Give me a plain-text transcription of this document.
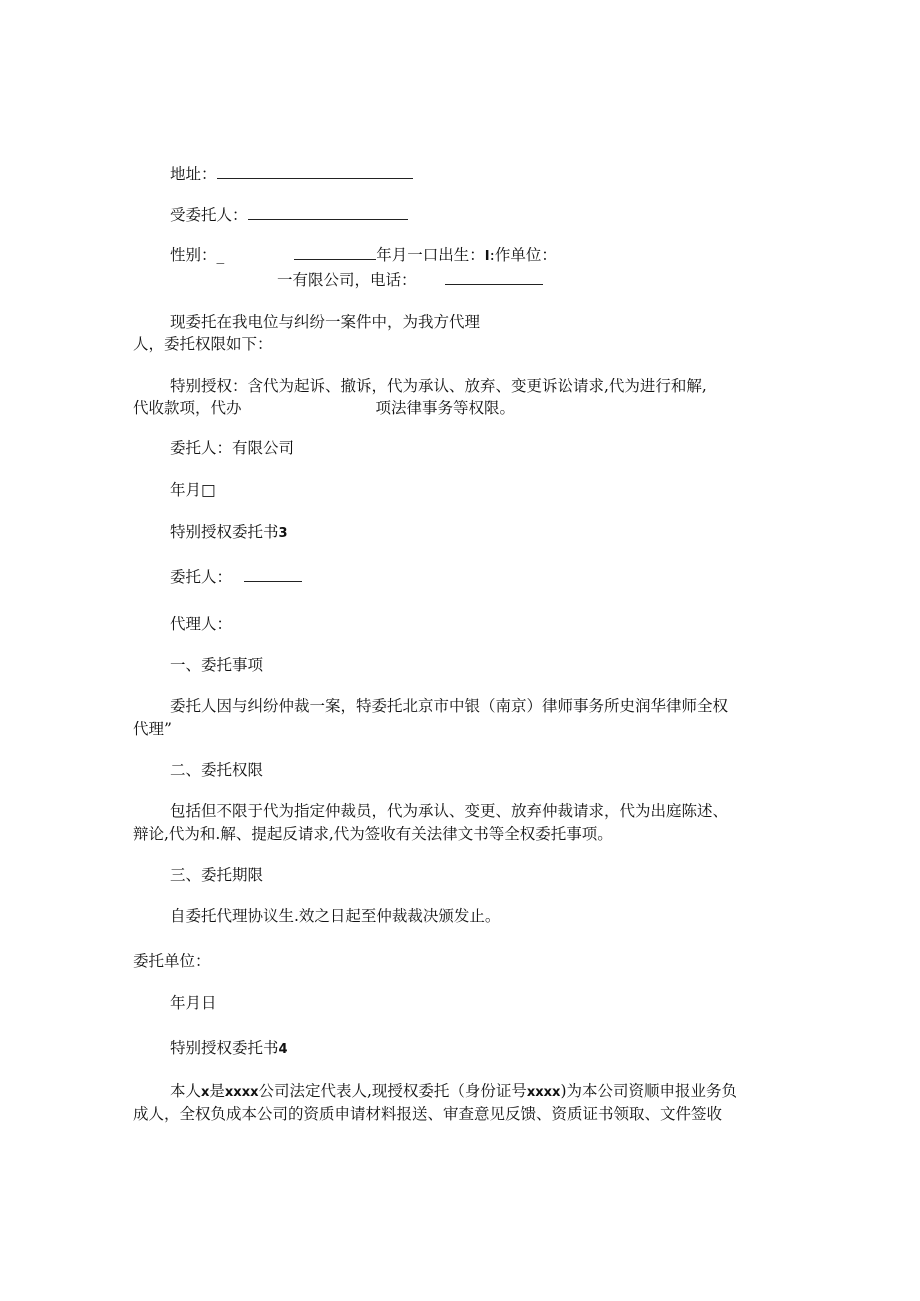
地址：
受委托人：
性别：_	年月一口出生：I:作单位：
一有限公司，电话：
现委托在我电位与纠纷一案件中，为我方代理
人，委托权限如下：
特别授权：含代为起诉、撤诉，代为承认、放弃、变更诉讼请求,代为进行和解,
代收款项，代办	项法律事务等权限。
委托人：有限公司
年月□
特别授权委托书3
委托人：
代理人：
一、委托事项
委托人因与纠纷仲裁一案，特委托北京市中银（南京）律师事务所史润华律师全权
代理”
二、委托权限
包括但不限于代为指定仲裁员，代为承认、变更、放弃仲裁请求，代为出庭陈述、
辩论,代为和.解、提起反请求,代为签收有关法律文书等全权委托事项。
三、委托期限
自委托代理协议生.效之日起至仲裁裁决颁发止。
委托单位：
年月日
特别授权委托书4
本人x是xxxx公司法定代表人,现授权委托（身份证号xxxx)为本公司资顺申报业务负
成人，全权负成本公司的资质申请材料报送、审查意见反馈、资质证书领取、文件签收
